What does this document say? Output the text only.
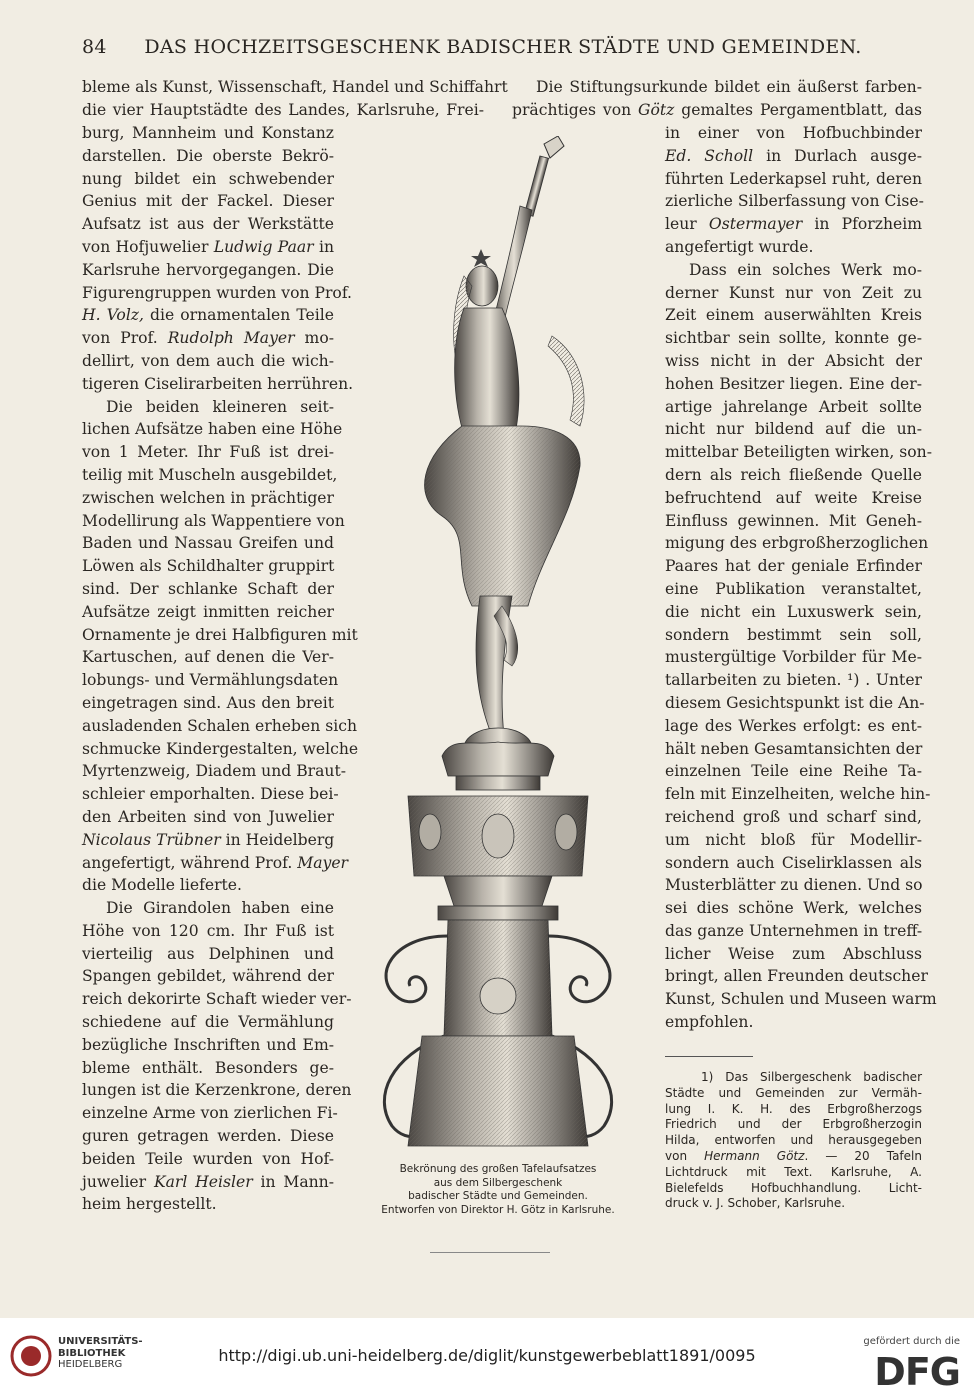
84	DAS HOCHZEITSGESCHENK BADISCHER STÄDTE UND GEMEINDEN.
bleme als Kunst, Wissenschaft, Handel und Schiffahrt
die vier Hauptstädte des Landes, Karlsruhe, Frei-
burg, Mannheim und Konstanz
darstellen. Die oberste Bekrö-
nung bildet ein schwebender
Genius mit der Fackel. Dieser
Aufsatz ist aus der Werkstätte
von Hofjuwelier Ludwig Paar in
Karlsruhe hervorgegangen. Die
Figurengruppen wurden von Prof.
H. Volz, die ornamentalen Teile
von Prof. Rudolph Mayer mo-
dellirt, von dem auch die wich-
tigeren Ciselirarbeiten herrühren.
Die beiden kleineren seit-
lichen Aufsätze haben eine Höhe
von 1 Meter. Ihr Fuß ist drei-
teilig mit Muscheln ausgebildet,
zwischen welchen in prächtiger
Modellirung als Wappentiere von
Baden und Nassau Greifen und
Löwen als Schildhalter gruppirt
sind. Der schlanke Schaft der
Aufsätze zeigt inmitten reicher
Ornamente je drei Halbfiguren mit
Kartuschen, auf denen die Ver-
lobungs- und Vermählungsdaten
eingetragen sind. Aus den breit
ausladenden Schalen erheben sich
schmucke Kindergestalten, welche
Myrtenzweig, Diadem und Braut-
schleier emporhalten. Diese bei-
den Arbeiten sind von Juwelier
Nicolaus Trübner in Heidelberg
angefertigt, während Prof. Mayer
die Modelle lieferte.
Die Girandolen haben eine
Höhe von 120 cm. Ihr Fuß ist
vierteilig aus Delphinen und
Spangen gebildet, während der
reich dekorirte Schaft wieder ver-
schiedene auf die Vermählung
bezügliche Inschriften und Em-
bleme enthält. Besonders ge-
lungen ist die Kerzenkrone, deren
einzelne Arme von zierlichen Fi-
guren getragen werden. Diese
beiden Teile wurden von Hof-
juwelier Karl Heisler in Mann-
heim hergestellt.
Die Stiftungsurkunde bildet ein äußerst farben-
prächtiges von Götz gemaltes Pergamentblatt, das
in einer von Hofbuchbinder
Ed. Scholl in Durlach ausge-
führten Lederkapsel ruht, deren
zierliche Silberfassung von Cise-
leur Ostermayer in Pforzheim
angefertigt wurde.
Dass ein solches Werk mo-
derner Kunst nur von Zeit zu
Zeit einem auserwählten Kreis
sichtbar sein sollte, konnte ge-
wiss nicht in der Absicht der
hohen Besitzer liegen. Eine der-
artige jahrelange Arbeit sollte
nicht nur bildend auf die un-
mittelbar Beteiligten wirken, son-
dern als reich fließende Quelle
befruchtend auf weite Kreise
Einfluss gewinnen. Mit Geneh-
migung des erbgroßherzoglichen
Paares hat der geniale Erfinder
eine Publikation veranstaltet,
die nicht ein Luxuswerk sein,
sondern bestimmt sein soll,
mustergültige Vorbilder für Me-
tallarbeiten zu bieten. ¹) . Unter
diesem Gesichtspunkt ist die An-
lage des Werkes erfolgt: es ent-
hält neben Gesamtansichten der
einzelnen Teile eine Reihe Ta-
feln mit Einzelheiten, welche hin-
reichend groß und scharf sind,
um nicht bloß für Modellir-
sondern auch Ciselirklassen als
Musterblätter zu dienen. Und so
sei dies schöne Werk, welches
das ganze Unternehmen in treff-
licher Weise zum Abschluss
bringt, allen Freunden deutscher
Kunst, Schulen und Museen warm
empfohlen.
Bekrönung des großen Tafelaufsatzes
aus dem Silbergeschenk
badischer Städte und Gemeinden.
Entworfen von Direktor H. Götz in Karlsruhe.
1) Das Silbergeschenk badischer
Städte und Gemeinden zur Vermäh-
lung I. K. H. des Erbgroßherzogs
Friedrich und der Erbgroßherzogin
Hilda, entworfen und herausgegeben
von Hermann Götz. — 20 Tafeln
Lichtdruck mit Text. Karlsruhe, A.
Bielefelds Hofbuchhandlung. Licht-
druck v. J. Schober, Karlsruhe.
UNIVERSITÄTS-
BIBLIOTHEK
HEIDELBERG	http://digi.ub.uni-heidelberg.de/diglit/kunstgewerbeblatt1891/0095
gefördert durch die
DFG
